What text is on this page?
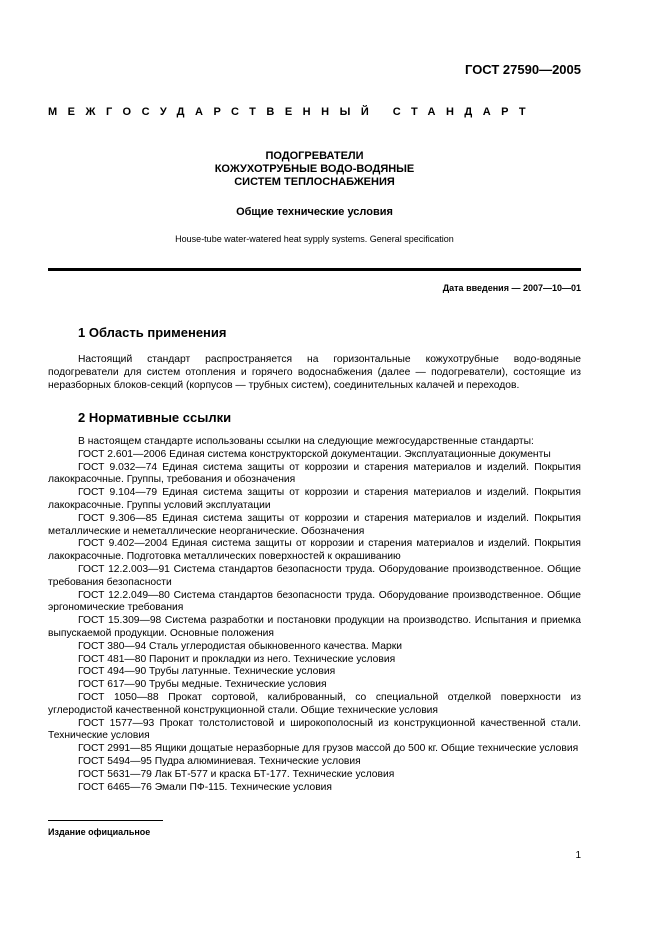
ГОСТ 27590—2005
МЕЖГОСУДАРСТВЕННЫЙ СТАНДАРТ
ПОДОГРЕВАТЕЛИ
КОЖУХОТРУБНЫЕ ВОДО-ВОДЯНЫЕ
СИСТЕМ ТЕПЛОСНАБЖЕНИЯ
Общие технические условия
House-tube water-watered heat sypply systems. General specification
Дата введения — 2007—10—01
1 Область применения

Настоящий стандарт распространяется на горизонтальные кожухотрубные водо-водяные подогреватели для систем отопления и горячего водоснабжения (далее — подогреватели), состоящие из неразборных блоков-секций (корпусов — трубных систем), соединительных калачей и переходов.

2 Нормативные ссылки

В настоящем стандарте использованы ссылки на следующие межгосударственные стандарты:

ГОСТ 2.601—2006 Единая система конструкторской документации. Эксплуатационные документы

ГОСТ 9.032—74 Единая система защиты от коррозии и старения материалов и изделий. Покрытия лакокрасочные. Группы, требования и обозначения

ГОСТ 9.104—79 Единая система защиты от коррозии и старения материалов и изделий. Покрытия лакокрасочные. Группы условий эксплуатации

ГОСТ 9.306—85 Единая система защиты от коррозии и старения материалов и изделий. Покрытия металлические и неметаллические неорганические. Обозначения

ГОСТ 9.402—2004 Единая система защиты от коррозии и старения материалов и изделий. Покрытия лакокрасочные. Подготовка металлических поверхностей к окрашиванию

ГОСТ 12.2.003—91 Система стандартов безопасности труда. Оборудование производственное. Общие требования безопасности

ГОСТ 12.2.049—80 Система стандартов безопасности труда. Оборудование производственное. Общие эргономические требования

ГОСТ 15.309—98 Система разработки и постановки продукции на производство. Испытания и приемка выпускаемой продукции. Основные положения

ГОСТ 380—94 Сталь углеродистая обыкновенного качества. Марки

ГОСТ 481—80 Паронит и прокладки из него. Технические условия

ГОСТ 494—90 Трубы латунные. Технические условия

ГОСТ 617—90 Трубы медные. Технические условия

ГОСТ 1050—88 Прокат сортовой, калиброванный, со специальной отделкой поверхности из углеродистой качественной конструкционной стали. Общие технические условия

ГОСТ 1577—93 Прокат толстолистовой и широкополосный из конструкционной качественной стали. Технические условия

ГОСТ 2991—85 Ящики дощатые неразборные для грузов массой до 500 кг. Общие технические условия

ГОСТ 5494—95 Пудра алюминиевая. Технические условия

ГОСТ 5631—79 Лак БТ-577 и краска БТ-177. Технические условия

ГОСТ 6465—76 Эмали ПФ-115. Технические условия

Издание официальное
1
